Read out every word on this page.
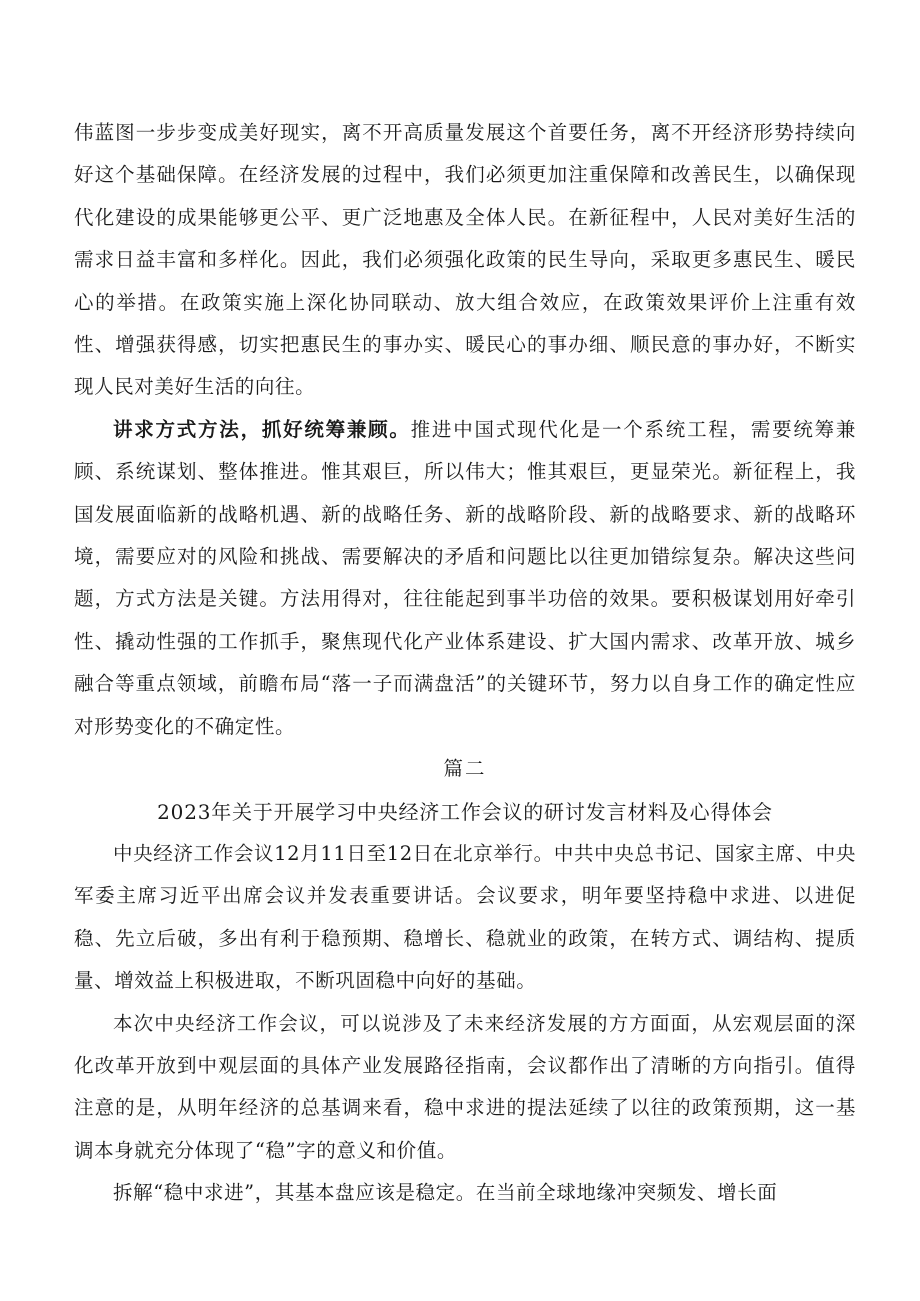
伟蓝图一步步变成美好现实，离不开高质量发展这个首要任务，离不开经济形势持续向好这个基础保障。在经济发展的过程中，我们必须更加注重保障和改善民生，以确保现代化建设的成果能够更公平、更广泛地惠及全体人民。在新征程中，人民对美好生活的需求日益丰富和多样化。因此，我们必须强化政策的民生导向，采取更多惠民生、暖民心的举措。在政策实施上深化协同联动、放大组合效应，在政策效果评价上注重有效性、增强获得感，切实把惠民生的事办实、暖民心的事办细、顺民意的事办好，不断实现人民对美好生活的向往。

讲求方式方法，抓好统筹兼顾。推进中国式现代化是一个系统工程，需要统筹兼顾、系统谋划、整体推进。惟其艰巨，所以伟大；惟其艰巨，更显荣光。新征程上，我国发展面临新的战略机遇、新的战略任务、新的战略阶段、新的战略要求、新的战略环境，需要应对的风险和挑战、需要解决的矛盾和问题比以往更加错综复杂。解决这些问题，方式方法是关键。方法用得对，往往能起到事半功倍的效果。要积极谋划用好牵引性、撬动性强的工作抓手，聚焦现代化产业体系建设、扩大国内需求、改革开放、城乡融合等重点领域，前瞻布局“落一子而满盘活”的关键环节，努力以自身工作的确定性应对形势变化的不确定性。

篇二

2023年关于开展学习中央经济工作会议的研讨发言材料及心得体会

中央经济工作会议12月11日至12日在北京举行。中共中央总书记、国家主席、中央军委主席习近平出席会议并发表重要讲话。会议要求，明年要坚持稳中求进、以进促稳、先立后破，多出有利于稳预期、稳增长、稳就业的政策，在转方式、调结构、提质量、增效益上积极进取，不断巩固稳中向好的基础。

本次中央经济工作会议，可以说涉及了未来经济发展的方方面面，从宏观层面的深化改革开放到中观层面的具体产业发展路径指南，会议都作出了清晰的方向指引。值得注意的是，从明年经济的总基调来看，稳中求进的提法延续了以往的政策预期，这一基调本身就充分体现了“稳”字的意义和价值。

拆解“稳中求进”，其基本盘应该是稳定。在当前全球地缘冲突频发、增长面
